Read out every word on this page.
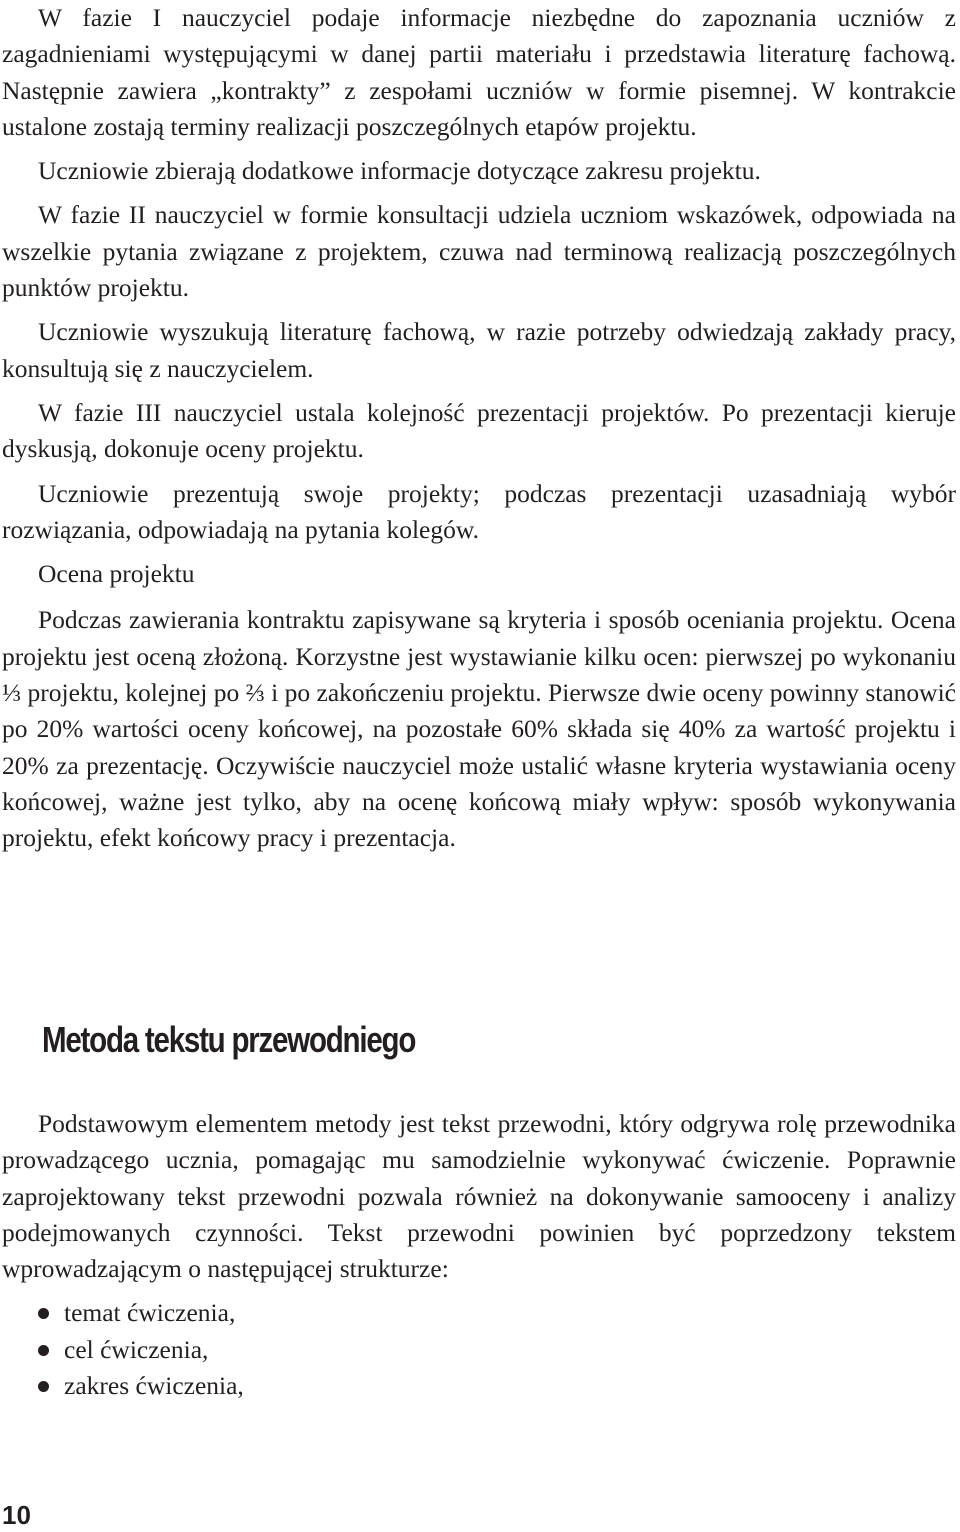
W fazie I nauczyciel podaje informacje niezbędne do zapoznania uczniów z zagadnieniami występującymi w danej partii materiału i przedstawia literaturę fachową. Następnie zawiera „kontrakty” z zespołami uczniów w formie pisemnej. W kontrakcie ustalone zostają terminy realizacji poszczególnych etapów projektu.

Uczniowie zbierają dodatkowe informacje dotyczące zakresu projektu.

W fazie II nauczyciel w formie konsultacji udziela uczniom wskazówek, odpowiada na wszelkie pytania związane z projektem, czuwa nad terminową realizacją poszczególnych punktów projektu.

Uczniowie wyszukują literaturę fachową, w razie potrzeby odwiedzają zakłady pracy, konsultują się z nauczycielem.

W fazie III nauczyciel ustala kolejność prezentacji projektów. Po prezentacji kieruje dyskusją, dokonuje oceny projektu.

Uczniowie prezentują swoje projekty; podczas prezentacji uzasadniają wybór rozwiązania, odpowiadają na pytania kolegów.

Ocena projektu

Podczas zawierania kontraktu zapisywane są kryteria i sposób oceniania projektu. Ocena projektu jest oceną złożoną. Korzystne jest wystawianie kilku ocen: pierwszej po wykonaniu ⅓ projektu, kolejnej po ⅔ i po zakończeniu projektu. Pierwsze dwie oceny powinny stanowić po 20% wartości oceny końcowej, na pozostałe 60% składa się 40% za wartość projektu i 20% za prezentację. Oczywiście nauczyciel może ustalić własne kryteria wystawiania oceny końcowej, ważne jest tylko, aby na ocenę końcową miały wpływ: sposób wykonywania projektu, efekt końcowy pracy i prezentacja.

Metoda tekstu przewodniego

Podstawowym elementem metody jest tekst przewodni, który odgrywa rolę przewodnika prowadzącego ucznia, pomagając mu samodzielnie wykonywać ćwiczenie. Poprawnie zaprojektowany tekst przewodni pozwala również na dokonywanie samooceny i analizy podejmowanych czynności. Tekst przewodni powinien być poprzedzony tekstem wprowadzającym o następującej strukturze:

temat ćwiczenia,
cel ćwiczenia,
zakres ćwiczenia,
10
